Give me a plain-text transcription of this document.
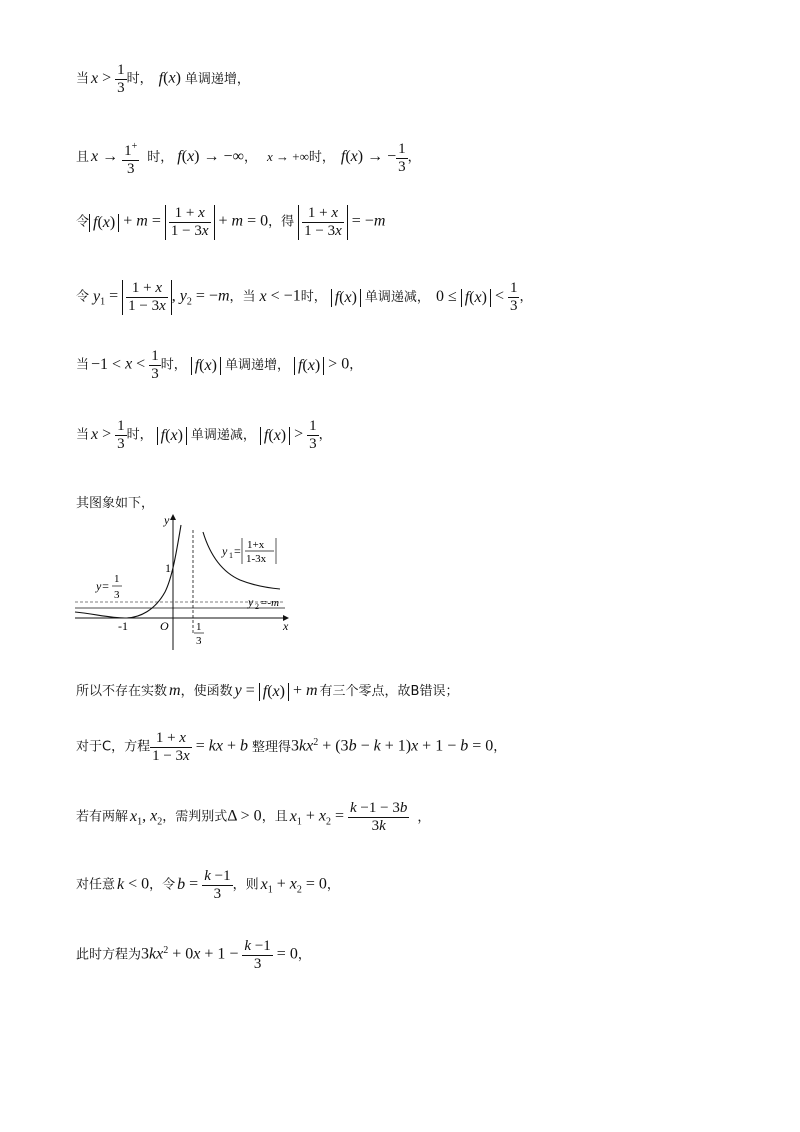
当 $x > \frac{1}{3}$ 时， f(x) 单调递增，
且 $x \to \frac{1^+}{3}$ 时， f(x) → −∞， x → +∞时， f(x) → − $\frac{1}{3}$ ，
令 $f(x) + m = \frac{1 + x}{1 - 3x} + m = 0$，得 $\frac{1 + x}{1 - 3x} = -m$
令 $y_1 = \frac{1 + x}{1 - 3x}$ , $y_2 = -m$，当 x < −1时， f(x) 单调递减， $0 \le f(x) < \frac{1}{3}$ ，
当 $-1 < x < \frac{1}{3}$ 时， f(x) 单调递增， f(x) > 0，
当 $x > \frac{1}{3}$ 时， f(x) 单调递减， $f(x) > \frac{1}{3}$ ，
其图象如下，
y
x
O
1
-1	1
3
y= 1
3
y 1 = 1+x
1-3x
y 2 =-m
所以不存在实数 m，使函数 y = f(x) + m 有三个零点，故B错误；
对于C，方程 $\frac{1 + x}{1 - 3x}$ = kx + b 整理得$3kx^2 + (3b - k + 1)x + 1 - b = 0$，
若有两解 $x_1$, $x_2$，需判别式Δ > 0，且 $x_1 + x_2 = \frac{k -1 - 3b}{3k}$ ，
对任意 k < 0，令 $b = \frac{k -1}{3}$ ，则 $x_1 + x_2 = 0$，
此时方程为$3kx^2 + 0x + 1 - \frac{k -1}{3} = 0$，
